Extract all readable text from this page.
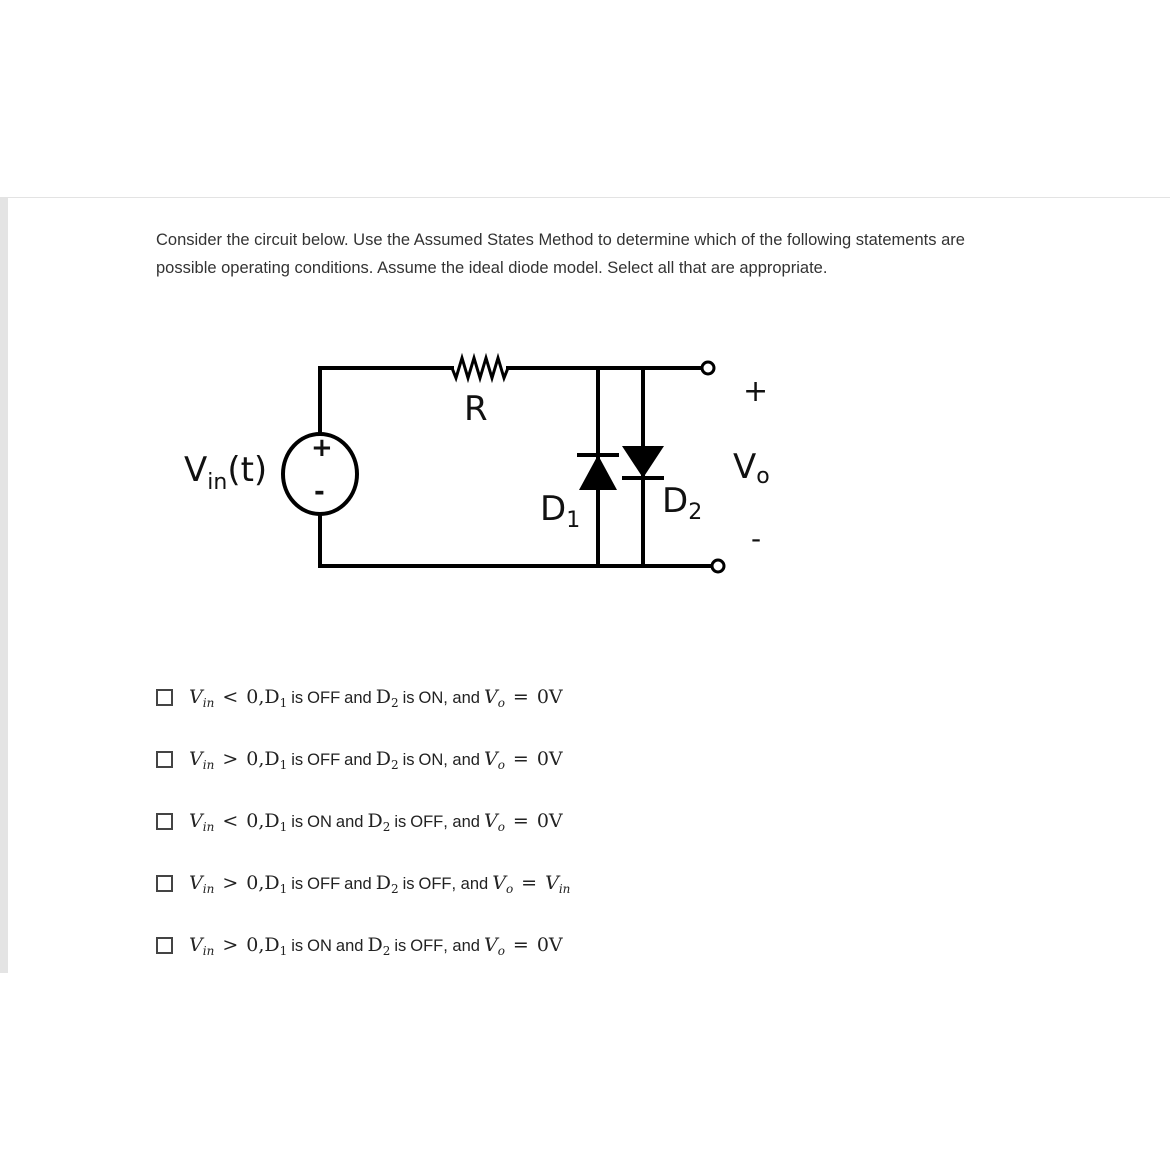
Consider the circuit below. Use the Assumed States Method to determine which of the following statements are
possible operating conditions. Assume the ideal diode model. Select all that are appropriate.
+
-
R
$V_{in}(t)$
$D_1$ $D_2$
+
Vo
-
$V_{in} < 0$, $D_1$ is OFF and $D_2$ is ON , and $V_o = 0V$
$V_{in} > 0$, $D_1$ is OFF and $D_2$ is ON , and $V_o = 0V$
$V_{in} < 0$, $D_1$ is ON and $D_2$ is OFF , and $V_o = 0V$
$V_{in} > 0$, $D_1$ is OFF and $D_2$ is OFF , and $V_o = V_{in}$
$V_{in} > 0$, $D_1$ is ON and $D_2$ is OFF , and $V_o = 0V$
